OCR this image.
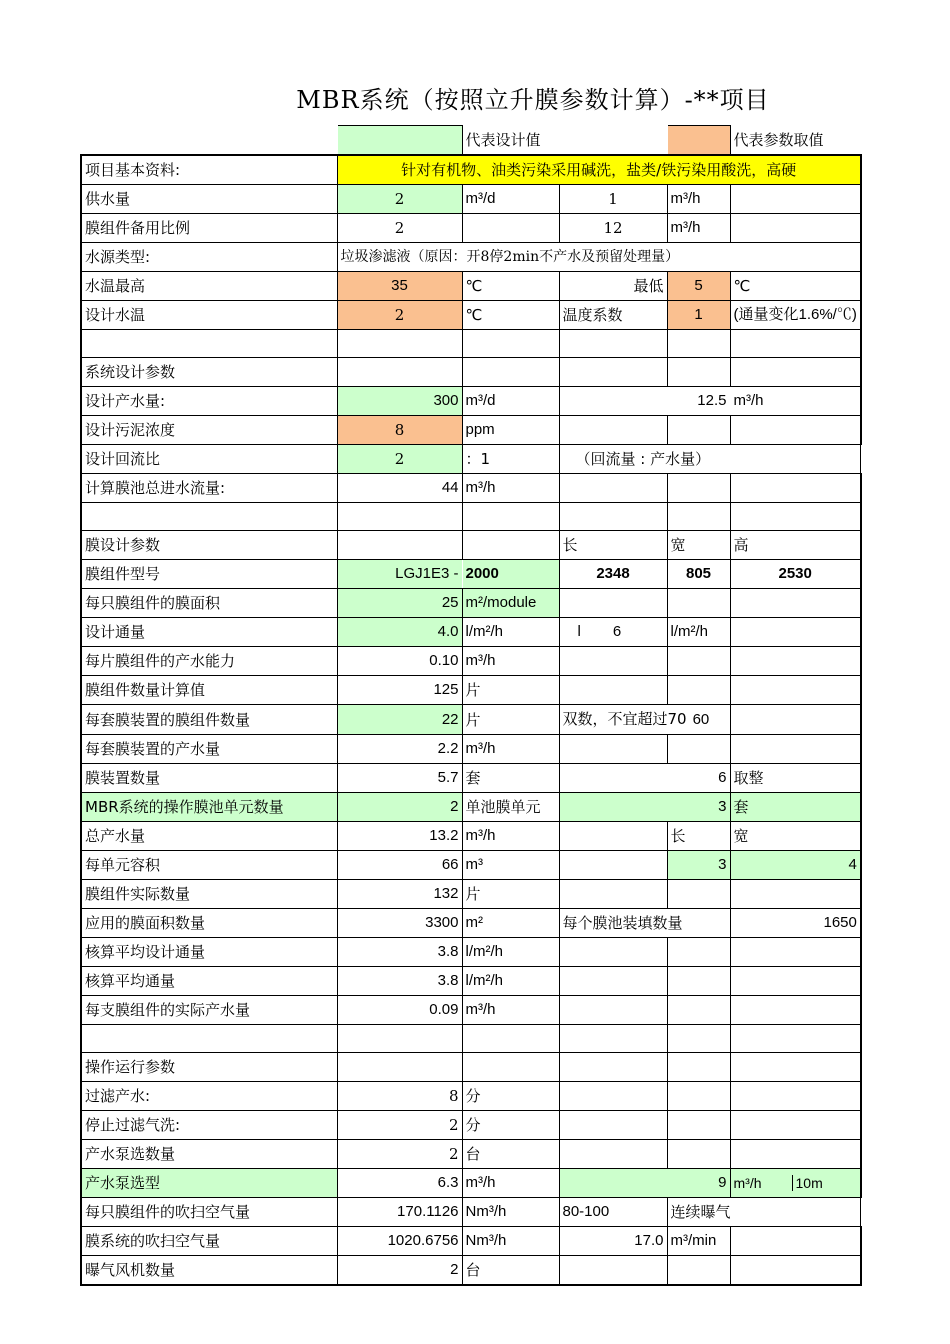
MBR系统（按照立升膜参数计算）-**项目
		代表设计值			代表参数取值
项目基本资料:	针对有机物、油类污染采用碱洗，盐类/铁污染用酸洗，高硬				
供水量	2	m³/d	1	m³/h	
膜组件备用比例	2		12	m³/h	
水源类型:	垃圾渗滤液（原因：开8停2min不产水及预留处理量）				
水温最高	35	℃	最低	5	℃
设计水温	2	℃	温度系数	1	(通量变化1.6%/℃)

系统设计参数					
设计产水量:	300	m³/d	12.5		m³/h
设计污泥浓度	8	ppm			
设计回流比	2	：1	（回流量 : 产水量）		
计算膜池总进水流量:	44	m³/h			

膜设计参数			长	宽	高
膜组件型号	LGJ1E3 -	2000	2348	805	2530
每只膜组件的膜面积	25	m²/module			
设计通量	4.0	l/m²/h	l 6	l/m²/h	
每片膜组件的产水能力	0.10	m³/h			
膜组件数量计算值	125	片			
每套膜装置的膜组件数量	22	片	双数，不宜超过70 60		
每套膜装置的产水量	2.2	m³/h			
膜装置数量	5.7	套	6		取整
MBR系统的操作膜池单元数量	2	单池膜单元	3		套
总产水量	13.2	m³/h		长	宽
每单元容积	66	m³		3	4
膜组件实际数量	132	片			
应用的膜面积数量	3300	m²	每个膜池装填数量		1650
核算平均设计通量	3.8	l/m²/h			
核算平均通量	3.8	l/m²/h			
每支膜组件的实际产水量	0.09	m³/h			

操作运行参数					
过滤产水:	8	分			
停止过滤气洗:	2	分			
产水泵选数量	2	台			
产水泵选型	6.3	m³/h	9		m³/h 10m
每只膜组件的吹扫空气量	170.1126	Nm³/h	80-100	连续曝气	
膜系统的吹扫空气量	1020.6756	Nm³/h	17.0	m³/min	
曝气风机数量	2	台			
